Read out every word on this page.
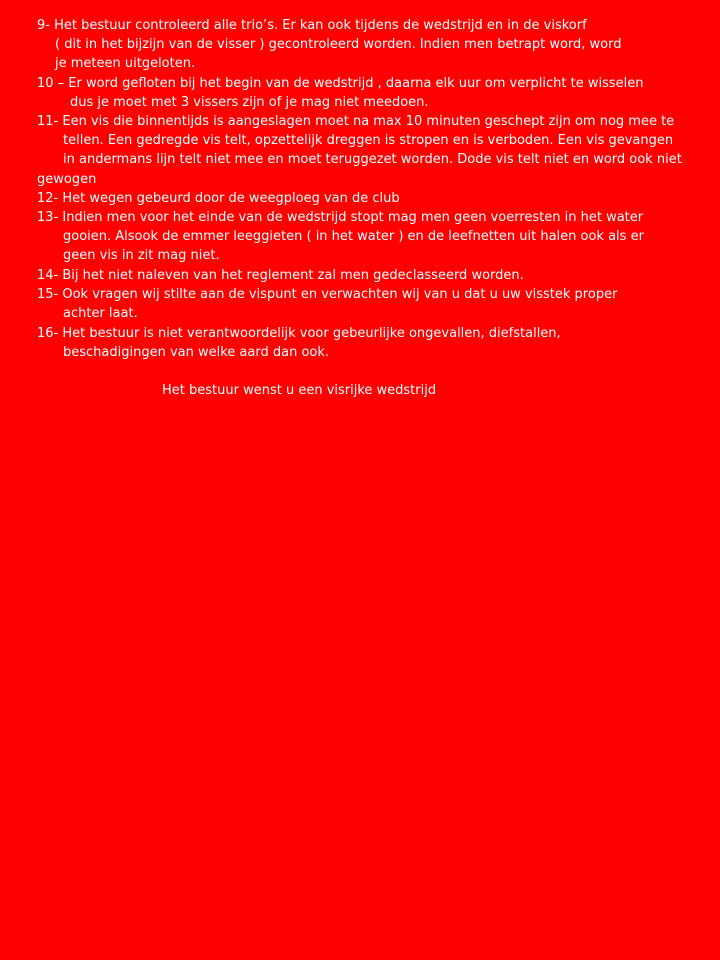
9- Het bestuur controleerd alle trio’s. Er kan ook tijdens de wedstrijd en in de viskorf
( dit in het bijzijn van de visser ) gecontroleerd worden. Indien men betrapt word, word
je meteen uitgeloten.
10 – Er word gefloten bij het begin van de wedstrijd , daarna elk uur om verplicht te wisselen
dus je moet met 3 vissers zijn of je mag niet meedoen.
11- Een vis die binnentijds is aangeslagen moet na max 10 minuten geschept zijn om nog mee te
tellen. Een gedregde vis telt, opzettelijk dreggen is stropen en is verboden. Een vis gevangen
in andermans lijn telt niet mee en moet teruggezet worden. Dode vis telt niet en word ook niet
gewogen
12- Het wegen gebeurd door de weegploeg van de club
13- Indien men voor het einde van de wedstrijd stopt mag men geen voerresten in het water
gooien. Alsook de emmer leeggieten ( in het water ) en de leefnetten uit halen ook als er
geen vis in zit mag niet.
14- Bij het niet naleven van het reglement zal men gedeclasseerd worden.
15- Ook vragen wij stilte aan de vispunt en verwachten wij van u dat u uw visstek proper
achter laat.
16- Het bestuur is niet verantwoordelijk voor gebeurlijke ongevallen, diefstallen,
beschadigingen van welke aard dan ook.
Het bestuur wenst u een visrijke wedstrijd
